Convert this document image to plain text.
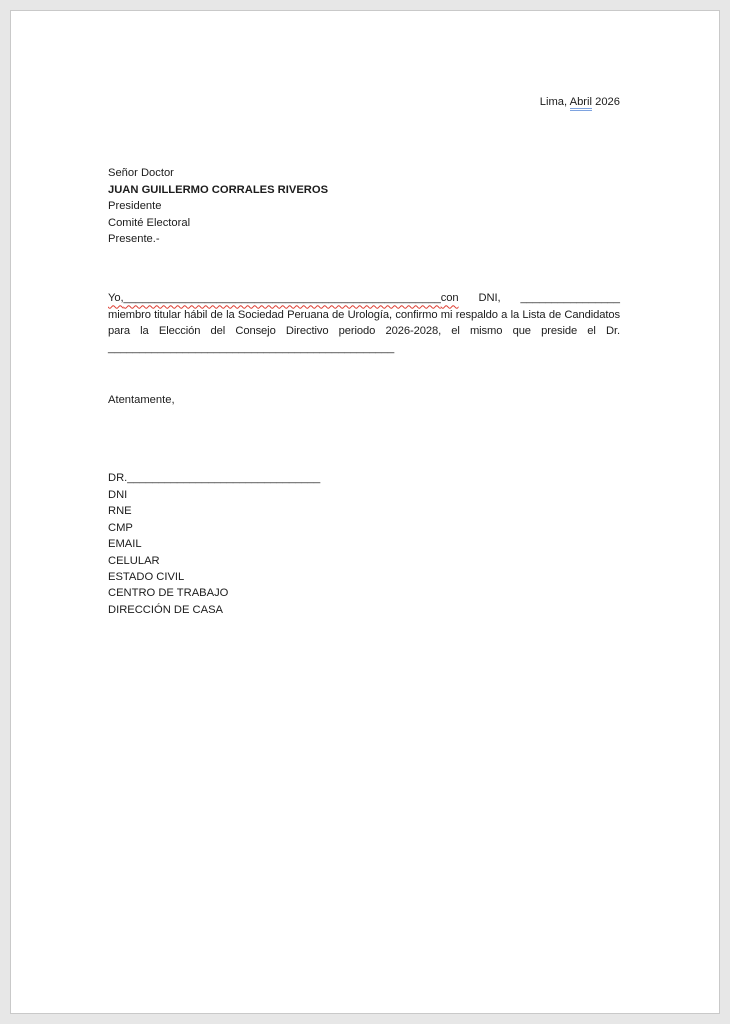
Lima, Abril 2026

Señor Doctor
JUAN GUILLERMO CORRALES RIVEROS
Presidente
Comité Electoral
Presente.-

Yo,___________________________________________________con DNI, ________________ miembro titular hábil de la Sociedad Peruana de Urología, confirmo mi respaldo a la Lista de Candidatos para la Elección del Consejo Directivo periodo 2026-2028, el mismo que preside el Dr. ______________________________________________

Atentamente,
DR._______________________________
DNI
RNE
CMP
EMAIL
CELULAR
ESTADO CIVIL
CENTRO DE TRABAJO
DIRECCIÓN DE CASA
